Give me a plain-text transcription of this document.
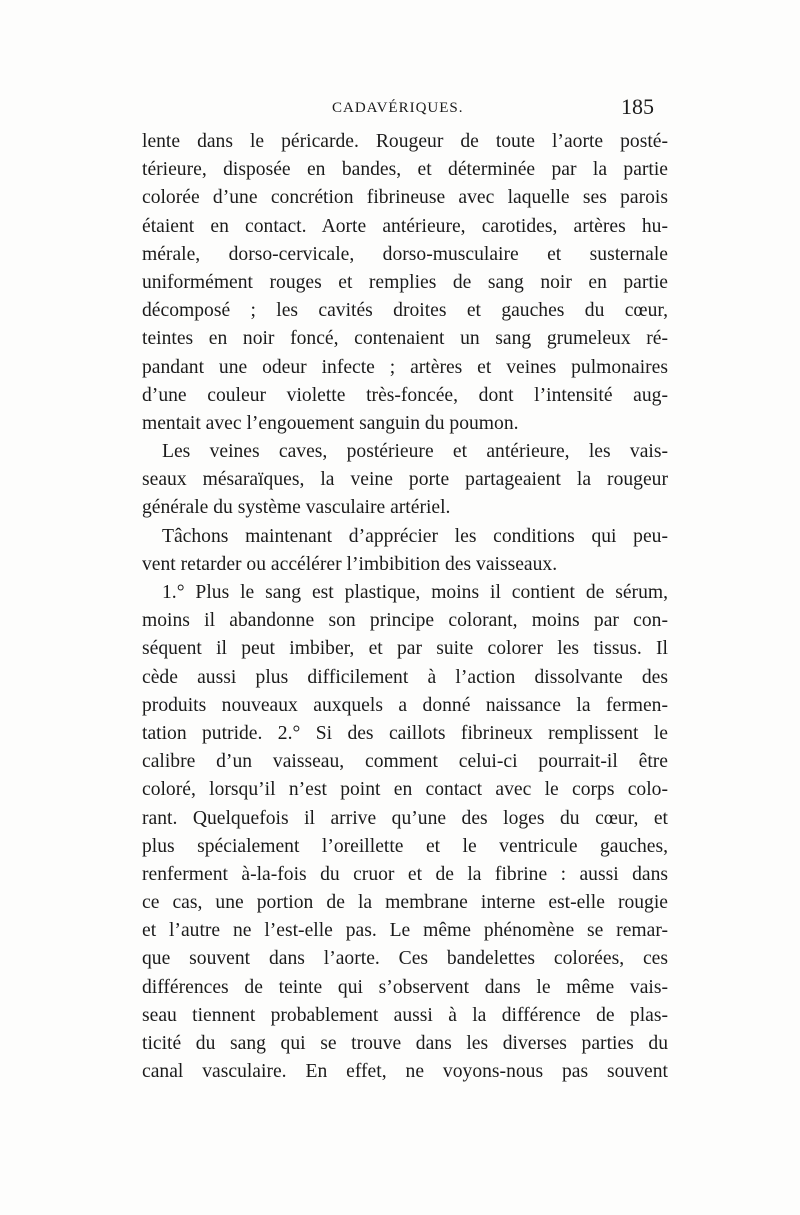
CADAVÉRIQUES.	185
lente dans le péricarde. Rougeur de toute l’aorte posté-
térieure, disposée en bandes, et déterminée par la partie
colorée d’une concrétion fibrineuse avec laquelle ses parois
étaient en contact. Aorte antérieure, carotides, artères hu-
mérale, dorso-cervicale, dorso-musculaire et susternale
uniformément rouges et remplies de sang noir en partie
décomposé ; les cavités droites et gauches du cœur,
teintes en noir foncé, contenaient un sang grumeleux ré-
pandant une odeur infecte ; artères et veines pulmonaires
d’une couleur violette très-foncée, dont l’intensité aug-
mentait avec l’engouement sanguin du poumon.
Les veines caves, postérieure et antérieure, les vais-
seaux mésaraïques, la veine porte partageaient la rougeur
générale du système vasculaire artériel.
Tâchons maintenant d’apprécier les conditions qui peu-
vent retarder ou accélérer l’imbibition des vaisseaux.
1.° Plus le sang est plastique, moins il contient de sérum,
moins il abandonne son principe colorant, moins par con-
séquent il peut imbiber, et par suite colorer les tissus. Il
cède aussi plus difficilement à l’action dissolvante des
produits nouveaux auxquels a donné naissance la fermen-
tation putride. 2.° Si des caillots fibrineux remplissent le
calibre d’un vaisseau, comment celui-ci pourrait-il être
coloré, lorsqu’il n’est point en contact avec le corps colo-
rant. Quelquefois il arrive qu’une des loges du cœur, et
plus spécialement l’oreillette et le ventricule gauches,
renferment à-la-fois du cruor et de la fibrine : aussi dans
ce cas, une portion de la membrane interne est-elle rougie
et l’autre ne l’est-elle pas. Le même phénomène se remar-
que souvent dans l’aorte. Ces bandelettes colorées, ces
différences de teinte qui s’observent dans le même vais-
seau tiennent probablement aussi à la différence de plas-
ticité du sang qui se trouve dans les diverses parties du
canal vasculaire. En effet, ne voyons-nous pas souvent
